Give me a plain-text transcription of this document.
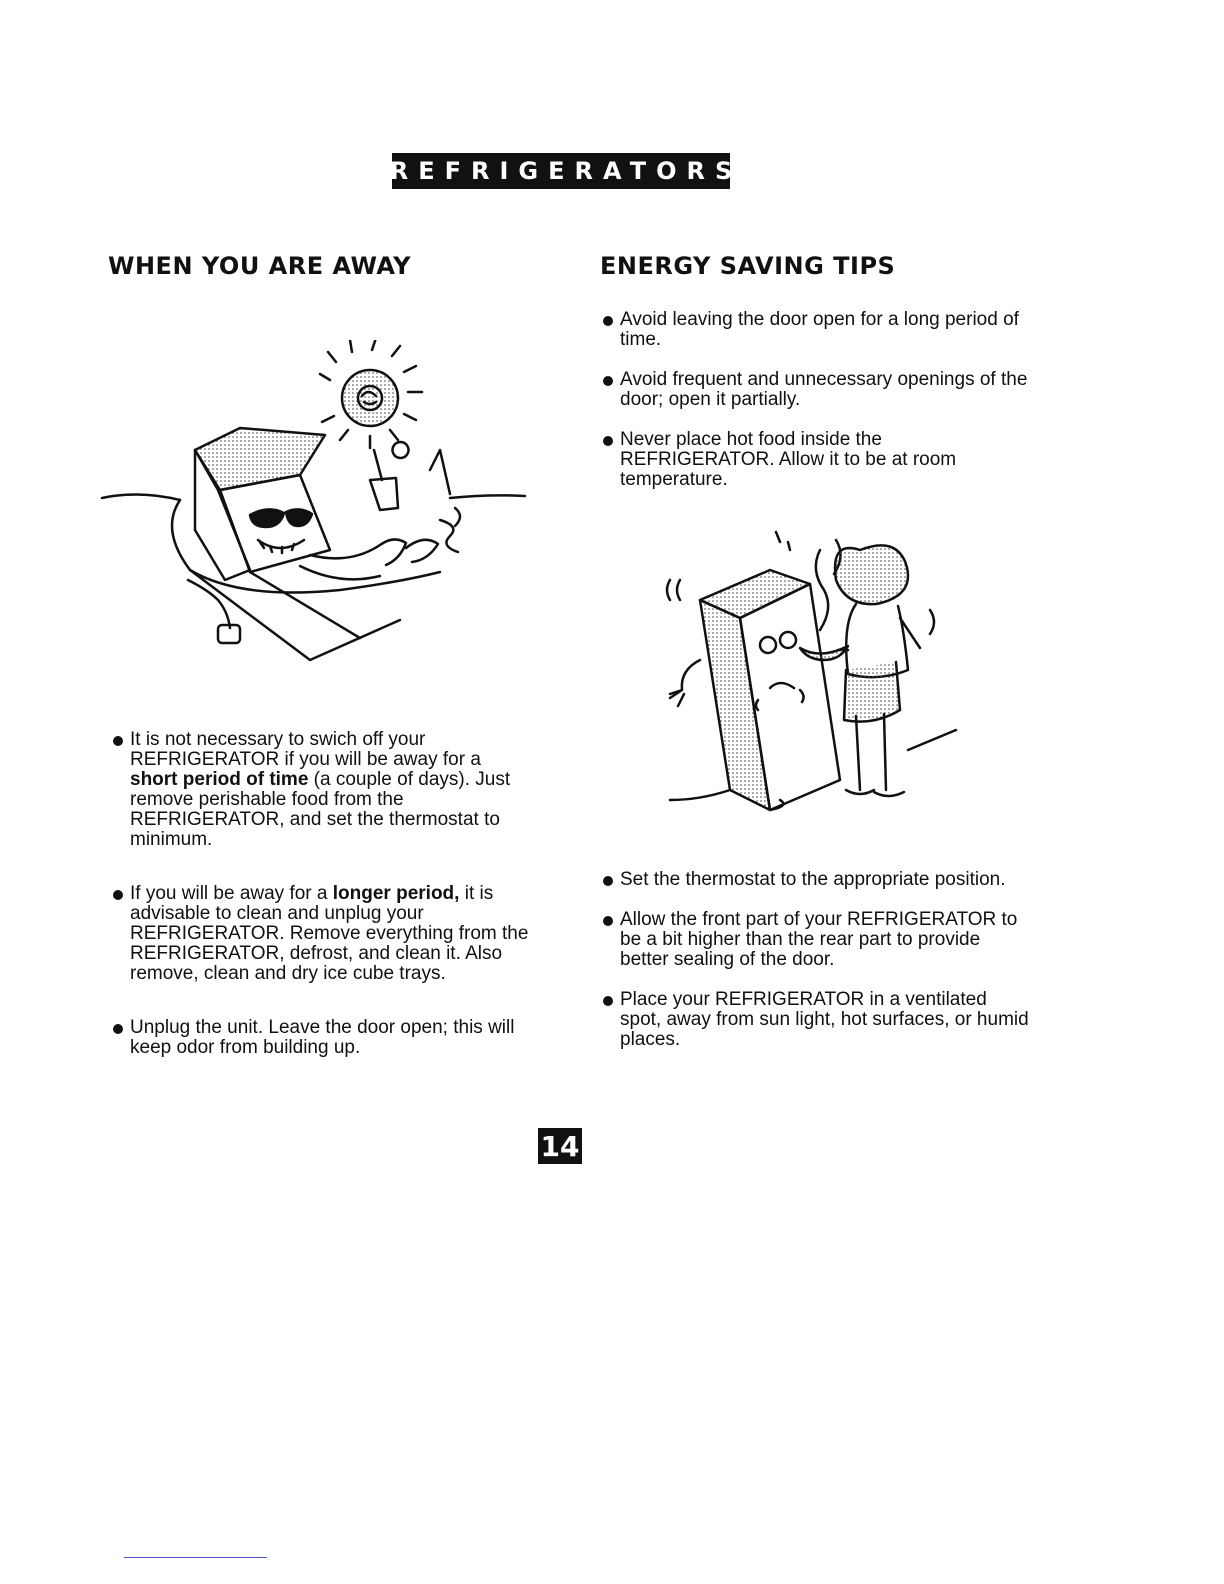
REFRIGERATORS
WHEN YOU ARE AWAY	ENERGY SAVING TIPS
It is not necessary to swich off your REFRIGERATOR if you will be away for a short period of time (a couple of days). Just remove perishable food from the REFRIGERATOR, and set the thermostat to minimum.
If you will be away for a longer period, it is advisable to clean and unplug your REFRIGERATOR. Remove everything from the REFRIGERATOR, defrost, and clean it. Also remove, clean and dry ice cube trays.
Unplug the unit. Leave the door open; this will keep odor from building up.
Avoid leaving the door open for a long period of time.
Avoid frequent and unnecessary openings of the door; open it partially.
Never place hot food inside the REFRIGERATOR. Allow it to be at room temperature.
Set the thermostat to the appropriate position.
Allow the front part of your REFRIGERATOR to be a bit higher than the rear part to provide better sealing of the door.
Place your REFRIGERATOR in a ventilated spot, away from sun light, hot surfaces, or humid places.
14
